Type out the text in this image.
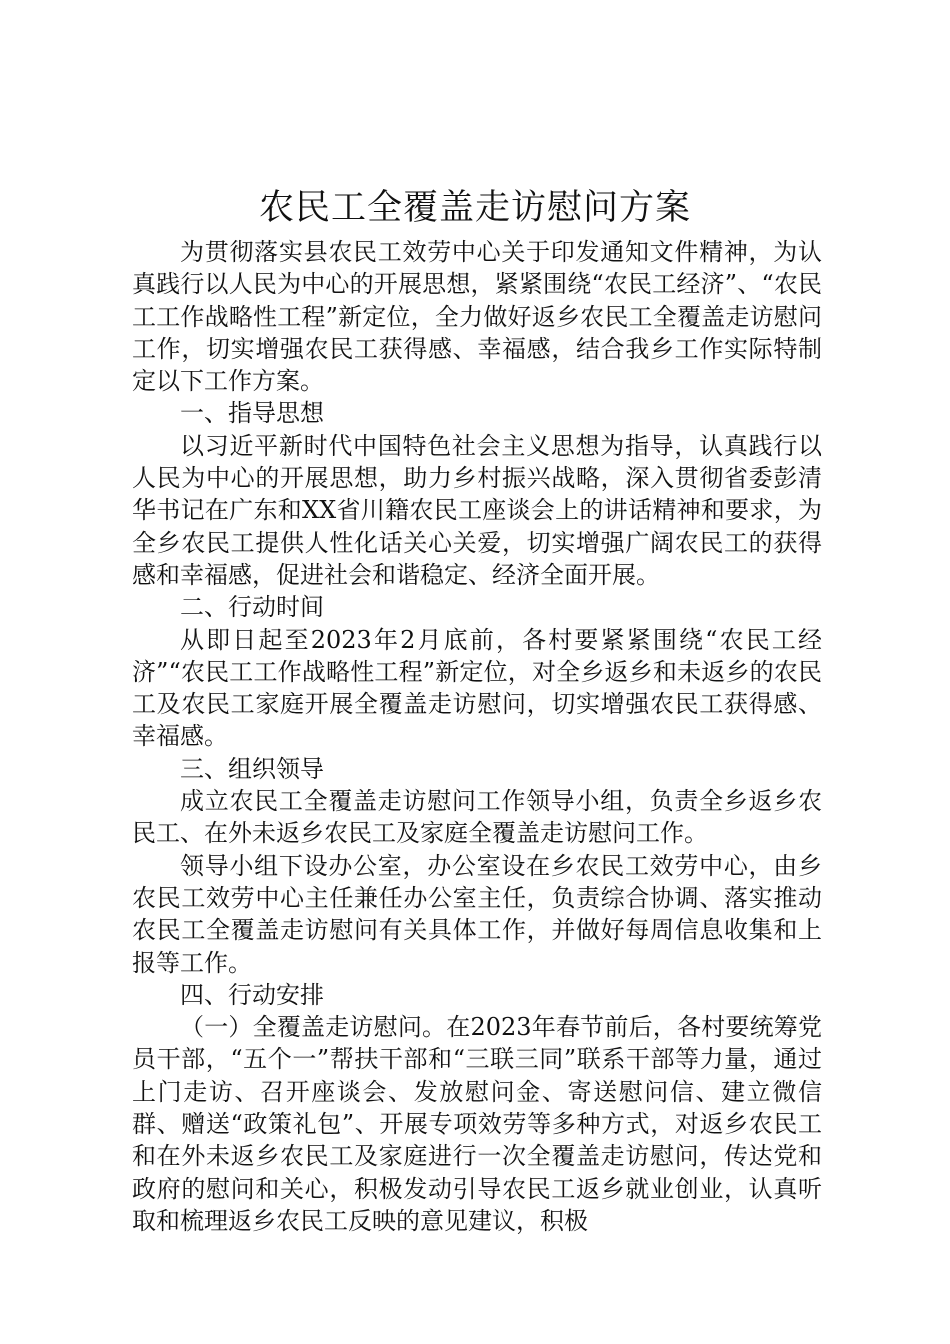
农民工全覆盖走访慰问方案

为贯彻落实县农民工效劳中心关于印发通知文件精神，为认真践行以人民为中心的开展思想，紧紧围绕“农民工经济”、“农民工工作战略性工程”新定位，全力做好返乡农民工全覆盖走访慰问工作，切实增强农民工获得感、幸福感，结合我乡工作实际特制定以下工作方案。

一、指导思想

以习近平新时代中国特色社会主义思想为指导，认真践行以人民为中心的开展思想，助力乡村振兴战略，深入贯彻省委彭清华书记在广东和XX省川籍农民工座谈会上的讲话精神和要求，为全乡农民工提供人性化话关心关爱，切实增强广阔农民工的获得感和幸福感，促进社会和谐稳定、经济全面开展。

二、行动时间

从即日起至2023年2月底前，各村要紧紧围绕“农民工经济”“农民工工作战略性工程”新定位，对全乡返乡和未返乡的农民工及农民工家庭开展全覆盖走访慰问，切实增强农民工获得感、幸福感。

三、组织领导

成立农民工全覆盖走访慰问工作领导小组，负责全乡返乡农民工、在外未返乡农民工及家庭全覆盖走访慰问工作。

领导小组下设办公室，办公室设在乡农民工效劳中心，由乡农民工效劳中心主任兼任办公室主任，负责综合协调、落实推动农民工全覆盖走访慰问有关具体工作，并做好每周信息收集和上报等工作。

四、行动安排

（一）全覆盖走访慰问。在2023年春节前后，各村要统筹党员干部，“五个一”帮扶干部和“三联三同”联系干部等力量，通过上门走访、召开座谈会、发放慰问金、寄送慰问信、建立微信群、赠送“政策礼包”、开展专项效劳等多种方式，对返乡农民工和在外未返乡农民工及家庭进行一次全覆盖走访慰问，传达党和政府的慰问和关心，积极发动引导农民工返乡就业创业，认真听取和梳理返乡农民工反映的意见建议，积极
